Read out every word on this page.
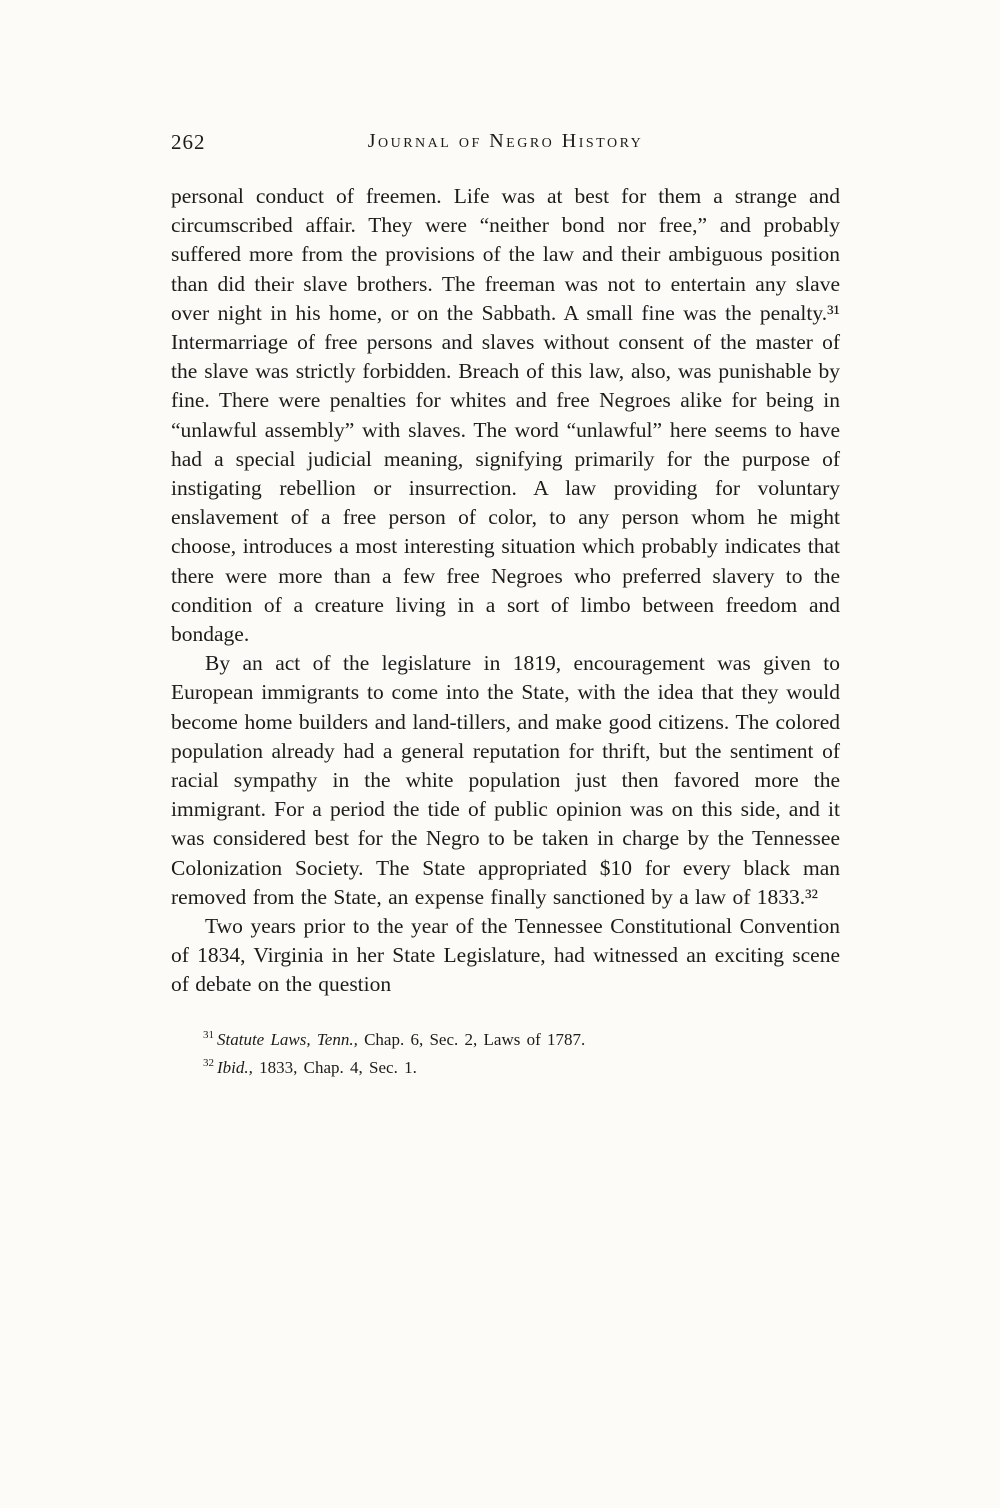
262	Journal of Negro History

personal conduct of freemen. Life was at best for them a strange and circumscribed affair. They were “neither bond nor free,” and probably suffered more from the provisions of the law and their ambiguous position than did their slave brothers. The freeman was not to entertain any slave over night in his home, or on the Sabbath. A small fine was the penalty.³¹ Intermarriage of free persons and slaves without consent of the master of the slave was strictly forbidden. Breach of this law, also, was punishable by fine. There were penalties for whites and free Negroes alike for being in “unlawful assembly” with slaves. The word “unlawful” here seems to have had a special judicial meaning, signifying primarily for the purpose of instigating rebellion or insurrection. A law providing for voluntary enslavement of a free person of color, to any person whom he might choose, introduces a most interesting situation which probably indicates that there were more than a few free Negroes who preferred slavery to the condition of a creature living in a sort of limbo between freedom and bondage.

By an act of the legislature in 1819, encouragement was given to European immigrants to come into the State, with the idea that they would become home builders and land-tillers, and make good citizens. The colored population already had a general reputation for thrift, but the sentiment of racial sympathy in the white population just then favored more the immigrant. For a period the tide of public opinion was on this side, and it was considered best for the Negro to be taken in charge by the Tennessee Colonization Society. The State appropriated $10 for every black man removed from the State, an expense finally sanctioned by a law of 1833.³²

Two years prior to the year of the Tennessee Constitutional Convention of 1834, Virginia in her State Legislature, had witnessed an exciting scene of debate on the question

$^{31}$ Statute Laws, Tenn., Chap. 6, Sec. 2, Laws of 1787.

$^{32}$ Ibid., 1833, Chap. 4, Sec. 1.
